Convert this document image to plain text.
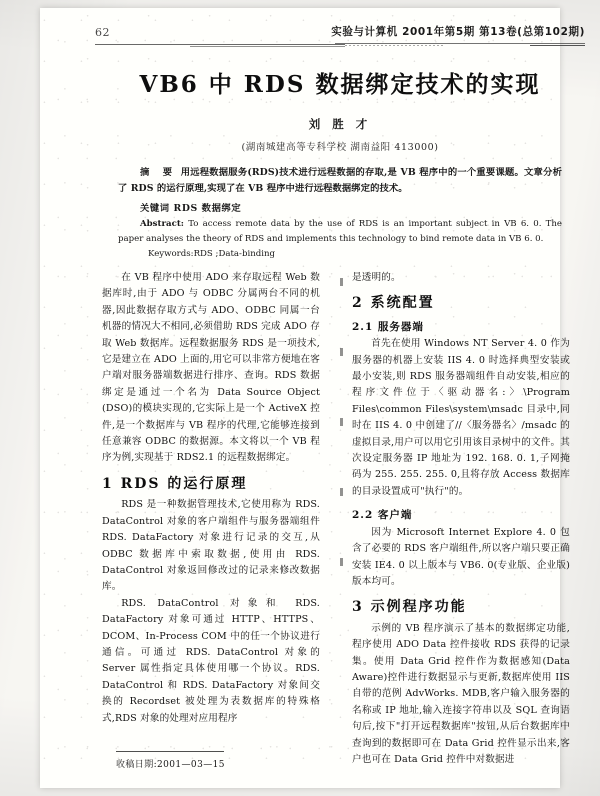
62	实验与计算机 2001年第5期 第13卷(总第102期)
VB6 中 RDS 数据绑定技术的实现
刘 胜 才
(湖南城建高等专科学校 湖南益阳 413000)
摘 要 用远程数据服务(RDS)技术进行远程数据的存取,是 VB 程序中的一个重要课题。文章分析了 RDS 的运行原理,实现了在 VB 程序中进行远程数据绑定的技术。
关键词 RDS 数据绑定
Abstract: To access remote data by the use of RDS is an important subject in VB 6. 0. The paper analyses the theory of RDS and implements this technology to bind remote data in VB 6. 0.
Keywords:RDS ;Data-binding

在 VB 程序中使用 ADO 来存取远程 Web 数据库时,由于 ADO 与 ODBC 分属两台不同的机器,因此数据存取方式与 ADO、ODBC 同属一台机器的情况大不相同,必须借助 RDS 完成 ADO 存取 Web 数据库。远程数据服务 RDS 是一项技术,它是建立在 ADO 上面的,用它可以非常方便地在客户端对服务器端数据进行排序、查询。RDS 数据绑定是通过一个名为 Data Source Object (DSO)的模块实现的,它实际上是一个 ActiveX 控件,是一个数据库与 VB 程序的代理,它能够连接到任意兼容 ODBC 的数据源。本文将以一个 VB 程序为例,实现基于 RDS2.1 的远程数据绑定。

1 RDS 的运行原理

RDS 是一种数据管理技术,它使用称为 RDS. DataControl 对象的客户端组件与服务器端组件 RDS. DataFactory 对象进行记录的交互,从 ODBC 数据库中索取数据,使用由 RDS. DataControl 对象返回修改过的记录来修改数据库。

RDS. DataControl 对象和 RDS. DataFactory 对象可通过 HTTP、HTTPS、DCOM、In-Process COM 中的任一个协议进行通信。可通过 RDS. DataControl 对象的 Server 属性指定具体使用哪一个协议。RDS. DataControl 和 RDS. DataFactory 对象间交换的 Recordset 被处理为表数据库的特殊格式,RDS 对象的处理对应用程序

是透明的。

2 系统配置
2.1 服务器端

首先在使用 Windows NT Server 4. 0 作为服务器的机器上安装 IIS 4. 0 时选择典型安装或最小安装,则 RDS 服务器端组件自动安装,相应的程序文件位于〈驱动器名:〉\Program Files\common Files\system\msadc 目录中,同时在 IIS 4. 0 中创建了//〈服务器名〉/msadc 的虚拟目录,用户可以用它引用该目录树中的文件。其次设定服务器 IP 地址为 192. 168. 0. 1,子网掩码为 255. 255. 255. 0,且将存放 Access 数据库的目录设置成可"执行"的。

2.2 客户端

因为 Microsoft Internet Explore 4. 0 包含了必要的 RDS 客户端组件,所以客户端只要正确安装 IE4. 0 以上版本与 VB6. 0(专业版、企业版)版本均可。

3 示例程序功能

示例的 VB 程序演示了基本的数据绑定功能,程序使用 ADO Data 控件接收 RDS 获得的记录集。使用 Data Grid 控件作为数据感知(Data Aware)控件进行数据显示与更新,数据库使用 IIS 自带的范例 AdvWorks. MDB,客户输入服务器的名称或 IP 地址,输入连接字符串以及 SQL 查询语句后,按下"打开远程数据库"按钮,从后台数据库中查询到的数据即可在 Data Grid 控件显示出来,客户也可在 Data Grid 控件中对数据进

收稿日期:2001—03—15
